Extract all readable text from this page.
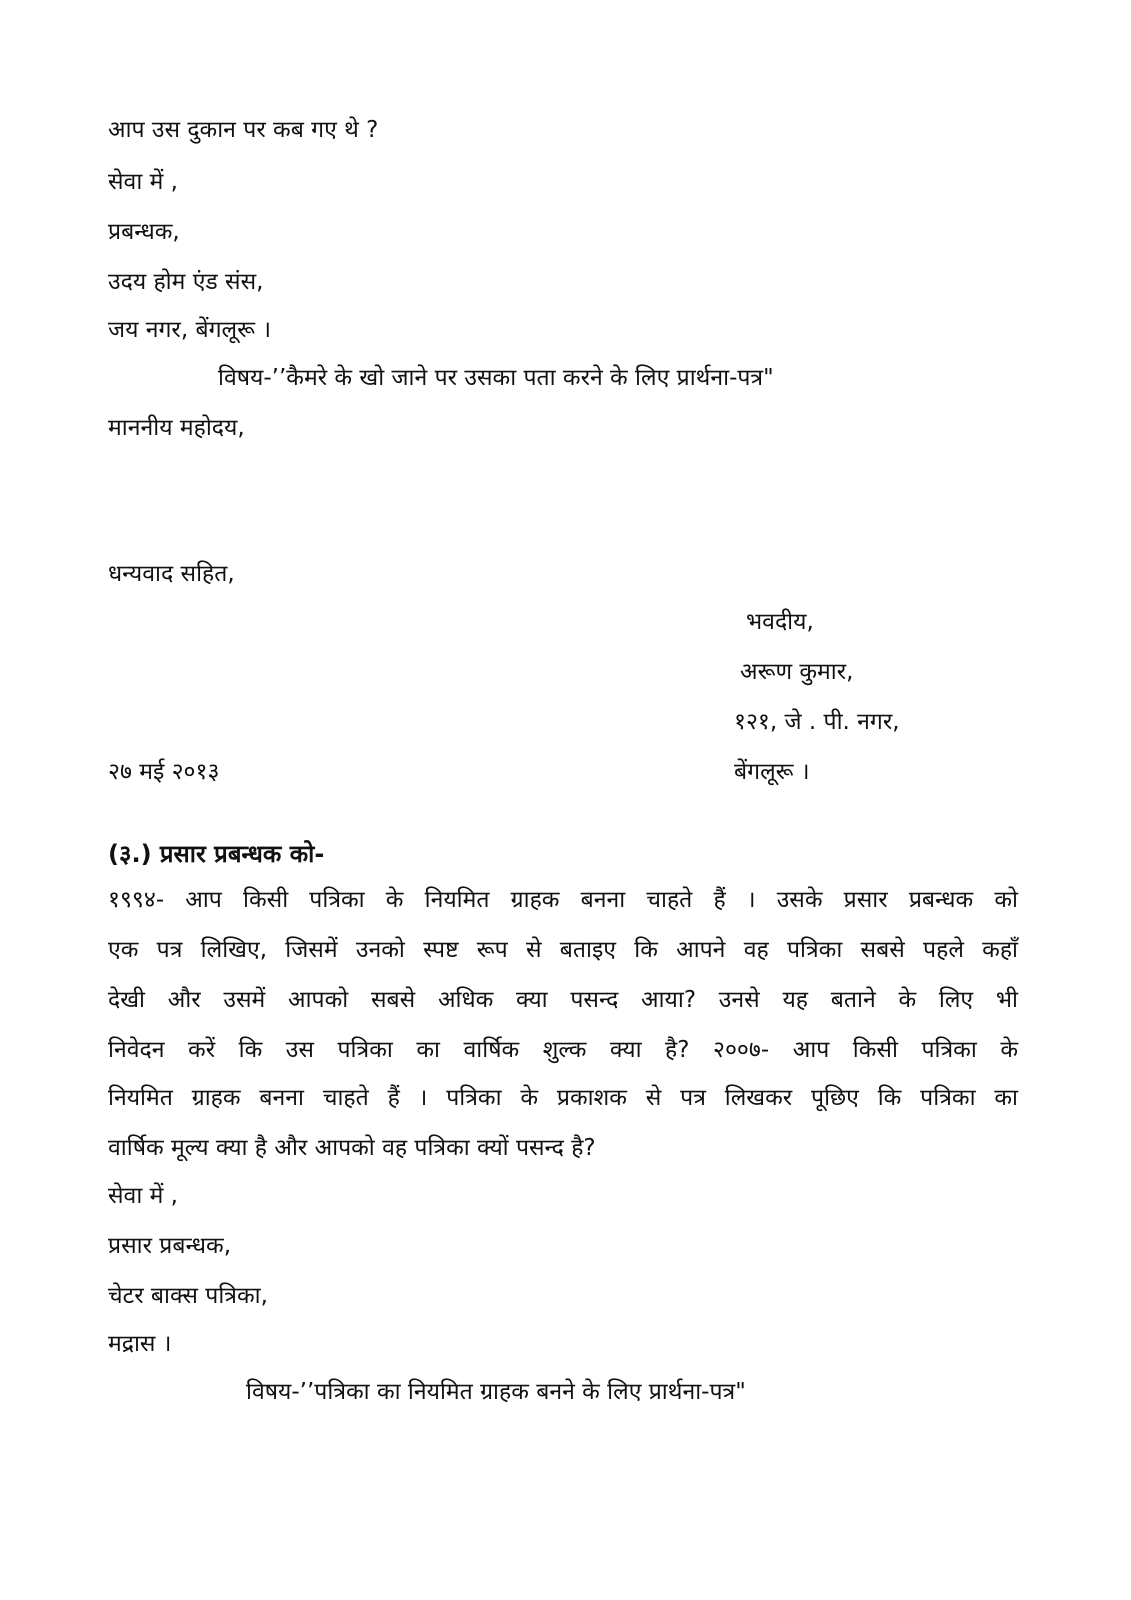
आप उस दुकान पर कब गए थे ?
सेवा में ,
प्रबन्धक,
उदय होम एंड संस,
जय नगर, बेंगलूरू ।
विषय-’’कैमरे के खो जाने पर उसका पता करने के लिए प्रार्थना-पत्र"
माननीय महोदय,
धन्यवाद सहित,
भवदीय,
अरूण कुमार,
१२१, जे . पी. नगर,
बेंगलूरू ।
२७ मई २०१३
(३.) प्रसार प्रबन्धक को-
१९९४- आप किसी पत्रिका के नियमित ग्राहक बनना चाहते हैं । उसके प्रसार प्रबन्धक को
एक पत्र लिखिए, जिसमें उनको स्पष्ट रूप से बताइए कि आपने वह पत्रिका सबसे पहले कहाँ
देखी और उसमें आपको सबसे अधिक क्या पसन्द आया? उनसे यह बताने के लिए भी
निवेदन करें कि उस पत्रिका का वार्षिक शुल्क क्या है? २००७- आप किसी पत्रिका के
नियमित ग्राहक बनना चाहते हैं । पत्रिका के प्रकाशक से पत्र लिखकर पूछिए कि पत्रिका का
वार्षिक मूल्य क्या है और आपको वह पत्रिका क्यों पसन्द है?
सेवा में ,
प्रसार प्रबन्धक,
चेटर बाक्स पत्रिका,
मद्रास ।
विषय-’’पत्रिका का नियमित ग्राहक बनने के लिए प्रार्थना-पत्र"
